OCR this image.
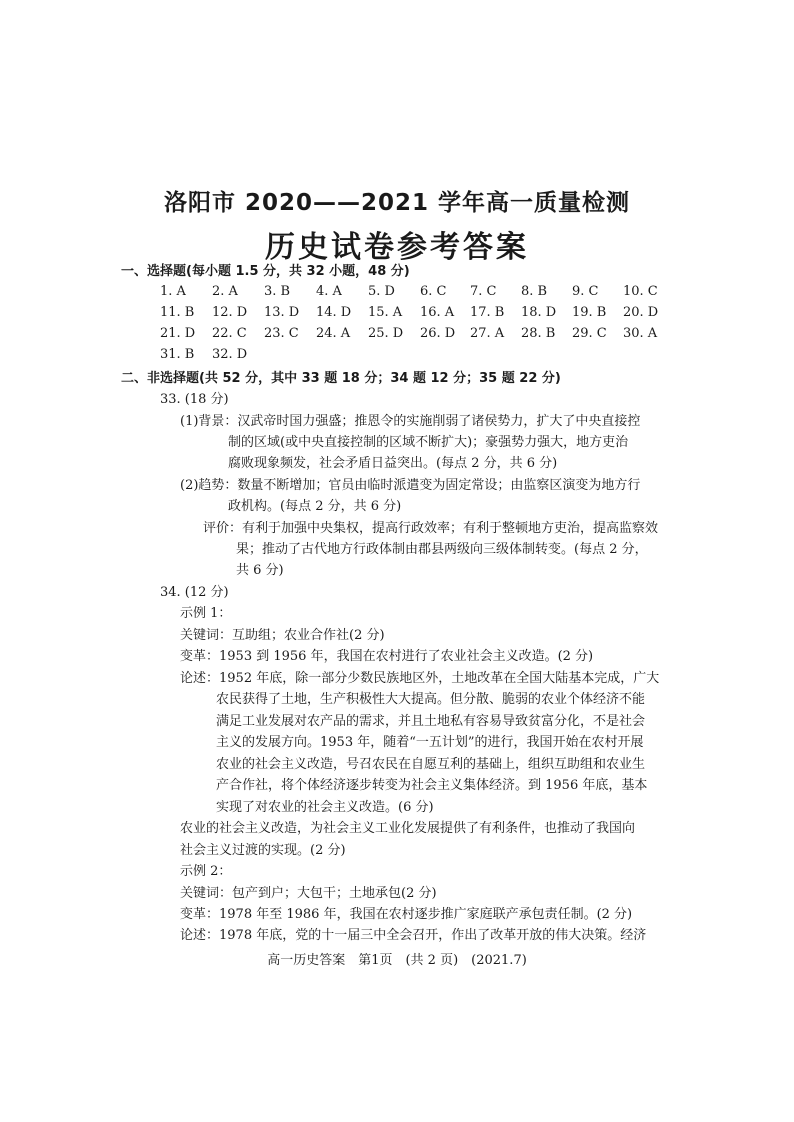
洛阳市 2020——2021 学年高一质量检测
历史试卷参考答案
一、选择题(每小题 1.5 分，共 32 小题，48 分)
1. A 2. A 3. B 4. A 5. D 6. C 7. C 8. B 9. C 10. C
11. B 12. D 13. D 14. D 15. A 16. A 17. B 18. D 19. B 20. D
21. D 22. C 23. C 24. A 25. D 26. D 27. A 28. B 29. C 30. A
31. B 32. D
二、非选择题(共 52 分，其中 33 题 18 分；34 题 12 分；35 题 22 分)
33. (18 分)
(1)背景：汉武帝时国力强盛；推恩令的实施削弱了诸侯势力，扩大了中央直接控
制的区域(或中央直接控制的区域不断扩大)；豪强势力强大，地方吏治
腐败现象频发，社会矛盾日益突出。(每点 2 分，共 6 分)
(2)趋势：数量不断增加；官员由临时派遣变为固定常设；由监察区演变为地方行
政机构。(每点 2 分，共 6 分)
评价：有利于加强中央集权，提高行政效率；有利于整顿地方吏治，提高监察效
果；推动了古代地方行政体制由郡县两级向三级体制转变。(每点 2 分，
共 6 分)
34. (12 分)
示例 1：
关键词：互助组；农业合作社(2 分)
变革：1953 到 1956 年，我国在农村进行了农业社会主义改造。(2 分)
论述：1952 年底，除一部分少数民族地区外，土地改革在全国大陆基本完成，广大
农民获得了土地，生产积极性大大提高。但分散、脆弱的农业个体经济不能
满足工业发展对农产品的需求，并且土地私有容易导致贫富分化，不是社会
主义的发展方向。1953 年，随着“一五计划”的进行，我国开始在农村开展
农业的社会主义改造，号召农民在自愿互利的基础上，组织互助组和农业生
产合作社，将个体经济逐步转变为社会主义集体经济。到 1956 年底，基本
实现了对农业的社会主义改造。(6 分)
农业的社会主义改造，为社会主义工业化发展提供了有利条件，也推动了我国向
社会主义过渡的实现。(2 分)
示例 2：
关键词：包产到户；大包干；土地承包(2 分)
变革：1978 年至 1986 年，我国在农村逐步推广家庭联产承包责任制。(2 分)
论述：1978 年底，党的十一届三中全会召开，作出了改革开放的伟大决策。经济
高一历史答案　第1页　(共 2 页)　(2021.7)
